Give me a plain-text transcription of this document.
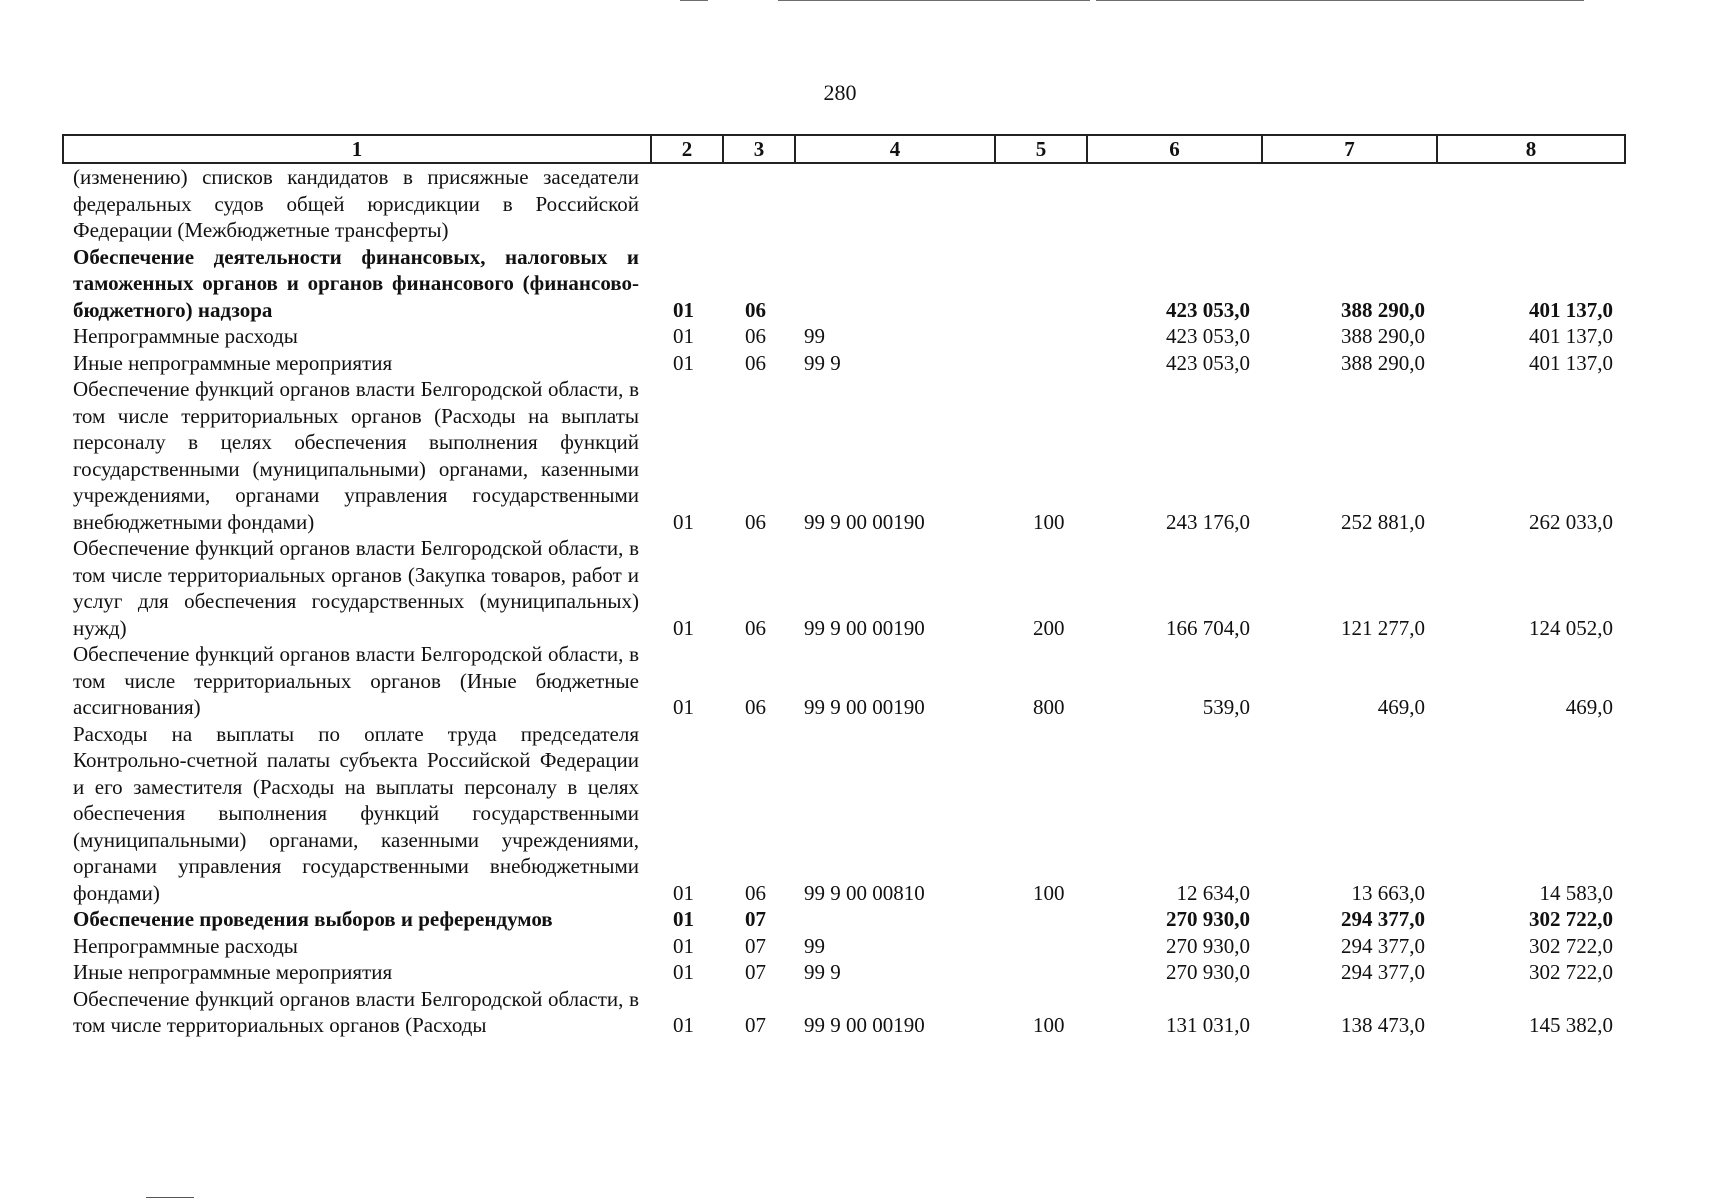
280
1	2	3	4	5	6	7	8
(изменению) списков кандидатов в присяжные заседатели федеральных судов общей юрисдикции в Российской Федерации (Межбюджетные трансферты)							
Обеспечение деятельности финансовых, налоговых и таможенных органов и органов финансового (финансово-бюджетного) надзора	01	06			423 053,0	388 290,0	401 137,0
Непрограммные расходы	01	06	99		423 053,0	388 290,0	401 137,0
Иные непрограммные мероприятия	01	06	99 9		423 053,0	388 290,0	401 137,0
Обеспечение функций органов власти Белгородской области, в том числе территориальных органов (Расходы на выплаты персоналу в целях обеспечения выполнения функций государственными (муниципальными) органами, казенными учреждениями, органами управления государственными внебюджетными фондами)	01	06	99 9 00 00190	100	243 176,0	252 881,0	262 033,0
Обеспечение функций органов власти Белгородской области, в том числе территориальных органов (Закупка товаров, работ и услуг для обеспечения государственных (муниципальных) нужд)	01	06	99 9 00 00190	200	166 704,0	121 277,0	124 052,0
Обеспечение функций органов власти Белгородской области, в том числе территориальных органов (Иные бюджетные ассигнования)	01	06	99 9 00 00190	800	539,0	469,0	469,0
Расходы на выплаты по оплате труда председателя Контрольно-счетной палаты субъекта Российской Федерации и его заместителя (Расходы на выплаты персоналу в целях обеспечения выполнения функций государственными (муниципальными) органами, казенными учреждениями, органами управления государственными внебюджетными фондами)	01	06	99 9 00 00810	100	12 634,0	13 663,0	14 583,0
Обеспечение проведения выборов и референдумов	01	07			270 930,0	294 377,0	302 722,0
Непрограммные расходы	01	07	99		270 930,0	294 377,0	302 722,0
Иные непрограммные мероприятия	01	07	99 9		270 930,0	294 377,0	302 722,0
Обеспечение функций органов власти Белгородской области, в том числе территориальных органов (Расходы	01	07	99 9 00 00190	100	131 031,0	138 473,0	145 382,0
